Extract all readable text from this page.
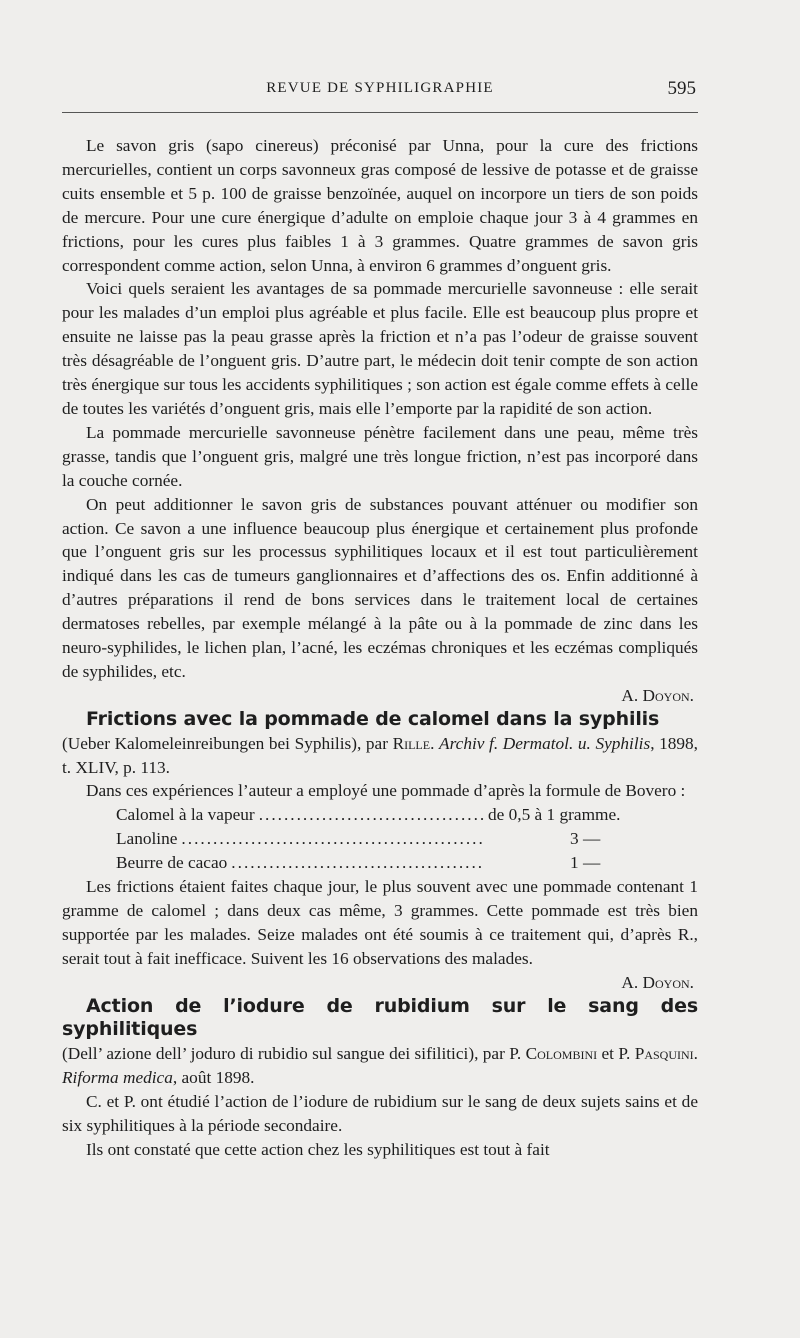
REVUE DE SYPHILIGRAPHIE	595

Le savon gris (sapo cinereus) préconisé par Unna, pour la cure des frictions mercurielles, contient un corps savonneux gras composé de lessive de potasse et de graisse cuits ensemble et 5 p. 100 de graisse benzoïnée, auquel on incorpore un tiers de son poids de mercure. Pour une cure énergique d’adulte on emploie chaque jour 3 à 4 grammes en frictions, pour les cures plus faibles 1 à 3 grammes. Quatre grammes de savon gris correspondent comme action, selon Unna, à environ 6 grammes d’onguent gris.

Voici quels seraient les avantages de sa pommade mercurielle savonneuse : elle serait pour les malades d’un emploi plus agréable et plus facile. Elle est beaucoup plus propre et ensuite ne laisse pas la peau grasse après la friction et n’a pas l’odeur de graisse souvent très désagréable de l’onguent gris. D’autre part, le médecin doit tenir compte de son action très énergique sur tous les accidents syphilitiques ; son action est égale comme effets à celle de toutes les variétés d’onguent gris, mais elle l’emporte par la rapidité de son action.

La pommade mercurielle savonneuse pénètre facilement dans une peau, même très grasse, tandis que l’onguent gris, malgré une très longue friction, n’est pas incorporé dans la couche cornée.

On peut additionner le savon gris de substances pouvant atténuer ou modifier son action. Ce savon a une influence beaucoup plus énergique et certainement plus profonde que l’onguent gris sur les processus syphilitiques locaux et il est tout particulièrement indiqué dans les cas de tumeurs ganglionnaires et d’affections des os. Enfin additionné à d’autres préparations il rend de bons services dans le traitement local de certaines dermatoses rebelles, par exemple mélangé à la pâte ou à la pommade de zinc dans les neuro-syphilides, le lichen plan, l’acné, les eczémas chroniques et les eczémas compliqués de syphilides, etc.

A. Doyon.

Frictions avec la pommade de calomel dans la syphilis

(Ueber Kalomeleinreibungen bei Syphilis), par Rille. Archiv f. Dermatol. u. Syphilis, 1898, t. XLIV, p. 113.

Dans ces expériences l’auteur a employé une pommade d’après la formule de Bovero :

Calomel à la vapeur .....	de 0,5 à 1 gramme.
Lanoline .....	3 —
Beurre de cacao .....	1 —

Les frictions étaient faites chaque jour, le plus souvent avec une pommade contenant 1 gramme de calomel ; dans deux cas même, 3 grammes. Cette pommade est très bien supportée par les malades. Seize malades ont été soumis à ce traitement qui, d’après R., serait tout à fait inefficace. Suivent les 16 observations des malades.

A. Doyon.

Action de l’iodure de rubidium sur le sang des syphilitiques

(Dell’ azione dell’ joduro di rubidio sul sangue dei sifilitici), par P. Colombini et P. Pasquini. Riforma medica, août 1898.

C. et P. ont étudié l’action de l’iodure de rubidium sur le sang de deux sujets sains et de six syphilitiques à la période secondaire.

Ils ont constaté que cette action chez les syphilitiques est tout à fait
